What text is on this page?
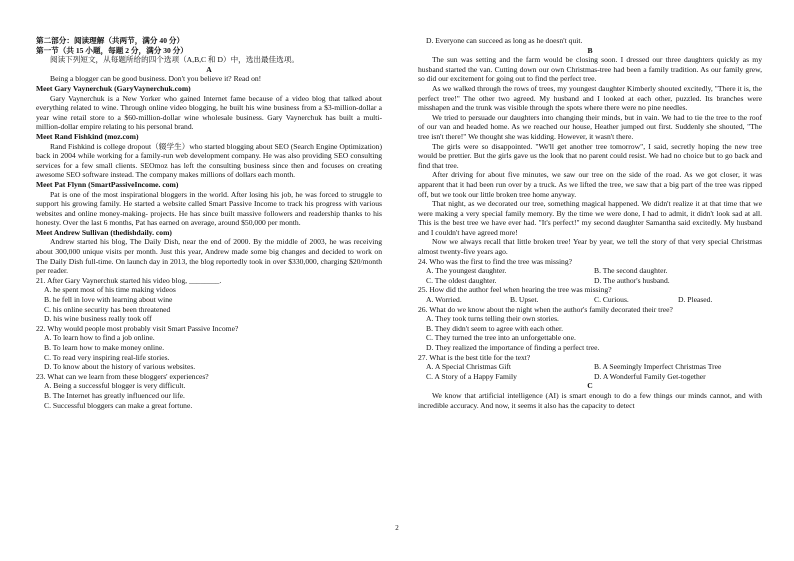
第二部分：阅读理解（共两节，满分 40 分）

第一节（共 15 小题，每题 2 分，满分 30 分）

阅读下列短文，从每题所给的四个选项（A,B,C 和 D）中，选出最佳选项。

A

Being a blogger can be good business. Don't you believe it? Read on!

Meet Gary Vaynerchuk (GaryVaynerchuk.com)

Gary Vaynerchuk is a New Yorker who gained Internet fame because of a video blog that talked about everything related to wine. Through online video blogging, he built his wine business from a $3-million-dollar a year wine retail store to a $60-million-dollar wine wholesale business. Gary Vaynerchuk has built a multi-million-dollar empire relating to his personal brand.

Meet Rand Fishkind (moz.com)

Rand Fishkind is college dropout（辍学生）who started blogging about SEO (Search Engine Optimization) back in 2004 while working for a family-run web development company. He was also providing SEO consulting services for a few small clients. SEOmoz has left the consulting business since then and focuses on creating awesome SEO software instead. The company makes millions of dollars each month.

Meet Pat Flynn (SmartPassiveIncome. com)

Pat is one of the most inspirational bloggers in the world. After losing his job, he was forced to struggle to support his growing family. He started a website called Smart Passive Income to track his progress with various websites and online money-making- projects. He has since built massive followers and readership thanks to his honesty. Over the last 6 months, Pat has earned on average, around $50,000 per month.

Meet Andrew Sullivan (thedishdaily. com)

Andrew started his blog, The Daily Dish, near the end of 2000. By the middle of 2003, he was receiving about 300,000 unique visits per month. Just this year, Andrew made some big changes and decided to work on The Daily Dish full-time. On launch day in 2013, the blog reportedly took in over $330,000, charging $20/month per reader.

21. After Gary Vaynerchuk started his video blog, ________.

A. he spent most of his time making videos

B. he fell in love with learning about wine

C. his online security has been threatened

D. his wine business really took off

22. Why would people most probably visit Smart Passive Income?

A. To learn how to find a job online.

B. To learn how to make money online.

C. To read very inspiring real-life stories.

D. To know about the history of various websites.

23. What can we learn from these bloggers' experiences?

A. Being a successful blogger is very difficult.

B. The Internet has greatly influenced our life.

C. Successful bloggers can make a great fortune.

D. Everyone can succeed as long as he doesn't quit.

B

The sun was setting and the farm would be closing soon. I dressed our three daughters quickly as my husband started the van. Cutting down our own Christmas-tree had been a family tradition. As our family grew, so did our excitement for going out to find the perfect tree.

As we walked through the rows of trees, my youngest daughter Kimberly shouted excitedly, "There it is, the perfect tree!" The other two agreed. My husband and I looked at each other, puzzled. Its branches were misshapen and the trunk was visible through the spots where there were no pine needles.

We tried to persuade our daughters into changing their minds, but in vain. We had to tie the tree to the roof of our van and headed home. As we reached our house, Heather jumped out first. Suddenly she shouted, "The tree isn't there!" We thought she was kidding. However, it wasn't there.

The girls were so disappointed. "We'll get another tree tomorrow", I said, secretly hoping the new tree would be prettier. But the girls gave us the look that no parent could resist. We had no choice but to go back and find that tree.

After driving for about five minutes, we saw our tree on the side of the road. As we got closer, it was apparent that it had been run over by a truck. As we lifted the tree, we saw that a big part of the tree was ripped off, but we took our little broken tree home anyway.

That night, as we decorated our tree, something magical happened. We didn't realize it at that time that we were making a very special family memory. By the time we were done, I had to admit, it didn't look sad at all. This is the best tree we have ever had. "It's perfect!" my second daughter Samantha said excitedly. My husband and I couldn't have agreed more!

Now we always recall that little broken tree! Year by year, we tell the story of that very special Christmas almost twenty-five years ago.

24. Who was the first to find the tree was missing?

A. The youngest daughter.	B. The second daughter.
C. The oldest daughter.	D. The author's husband.

25. How did the author feel when hearing the tree was missing?

A. Worried.	B. Upset.	C. Curious.	D. Pleased.

26. What do we know about the night when the author's family decorated their tree?

A. They took turns telling their own stories.

B. They didn't seem to agree with each other.

C. They turned the tree into an unforgettable one.

D. They realized the importance of finding a perfect tree.

27. What is the best title for the text?

A. A Special Christmas Gift	B. A Seemingly Imperfect Christmas Tree
C. A Story of a Happy Family	D. A Wonderful Family Get-together

C

We know that artificial intelligence (AI) is smart enough to do a few things our minds cannot, and with incredible accuracy. And now, it seems it also has the capacity to detect

2
